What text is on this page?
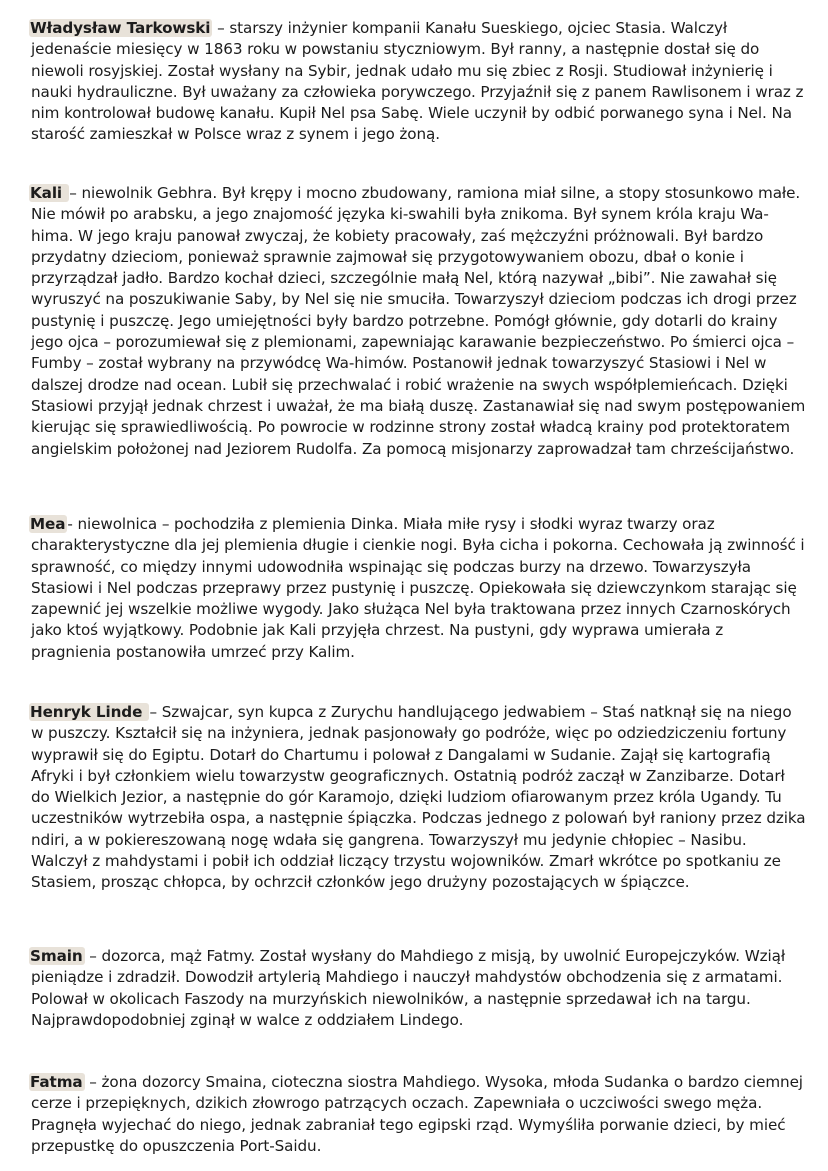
Władysław Tarkowski – starszy inżynier kompanii Kanału Sueskiego, ojciec Stasia. Walczył jedenaście miesięcy w 1863 roku w powstaniu styczniowym. Był ranny, a następnie dostał się do niewoli rosyjskiej. Został wysłany na Sybir, jednak udało mu się zbiec z Rosji. Studiował inżynierię i nauki hydrauliczne. Był uważany za człowieka porywczego. Przyjaźnił się z panem Rawlisonem i wraz z nim kontrolował budowę kanału. Kupił Nel psa Sabę. Wiele uczynił by odbić porwanego syna i Nel. Na starość zamieszkał w Polsce wraz z synem i jego żoną.

Kali – niewolnik Gebhra. Był krępy i mocno zbudowany, ramiona miał silne, a stopy stosunkowo małe. Nie mówił po arabsku, a jego znajomość języka ki-swahili była znikoma. Był synem króla kraju Wa-hima. W jego kraju panował zwyczaj, że kobiety pracowały, zaś mężczyźni próżnowali. Był bardzo przydatny dzieciom, ponieważ sprawnie zajmował się przygotowywaniem obozu, dbał o konie i przyrządzał jadło. Bardzo kochał dzieci, szczególnie małą Nel, którą nazywał „bibi”. Nie zawahał się wyruszyć na poszukiwanie Saby, by Nel się nie smuciła. Towarzyszył dzieciom podczas ich drogi przez pustynię i puszczę. Jego umiejętności były bardzo potrzebne. Pomógł głównie, gdy dotarli do krainy jego ojca – porozumiewał się z plemionami, zapewniając karawanie bezpieczeństwo. Po śmierci ojca – Fumby – został wybrany na przywódcę Wa-himów. Postanowił jednak towarzyszyć Stasiowi i Nel w dalszej drodze nad ocean. Lubił się przechwalać i robić wrażenie na swych współplemieńcach. Dzięki Stasiowi przyjął jednak chrzest i uważał, że ma białą duszę. Zastanawiał się nad swym postępowaniem kierując się sprawiedliwością. Po powrocie w rodzinne strony został władcą krainy pod protektoratem angielskim położonej nad Jeziorem Rudolfa. Za pomocą misjonarzy zaprowadzał tam chrześcijaństwo.

Mea - niewolnica – pochodziła z plemienia Dinka. Miała miłe rysy i słodki wyraz twarzy oraz charakterystyczne dla jej plemienia długie i cienkie nogi. Była cicha i pokorna. Cechowała ją zwinność i sprawność, co między innymi udowodniła wspinając się podczas burzy na drzewo. Towarzyszyła Stasiowi i Nel podczas przeprawy przez pustynię i puszczę. Opiekowała się dziewczynkom starając się zapewnić jej wszelkie możliwe wygody. Jako służąca Nel była traktowana przez innych Czarnoskórych jako ktoś wyjątkowy. Podobnie jak Kali przyjęła chrzest. Na pustyni, gdy wyprawa umierała z pragnienia postanowiła umrzeć przy Kalim.

Henryk Linde – Szwajcar, syn kupca z Zurychu handlującego jedwabiem – Staś natknął się na niego w puszczy. Kształcił się na inżyniera, jednak pasjonowały go podróże, więc po odziedziczeniu fortuny wyprawił się do Egiptu. Dotarł do Chartumu i polował z Dangalami w Sudanie. Zajął się kartografią Afryki i był członkiem wielu towarzystw geograficznych. Ostatnią podróż zaczął w Zanzibarze. Dotarł do Wielkich Jezior, a następnie do gór Karamojo, dzięki ludziom ofiarowanym przez króla Ugandy. Tu uczestników wytrzebiła ospa, a następnie śpiączka. Podczas jednego z polowań był raniony przez dzika ndiri, a w pokiereszowaną nogę wdała się gangrena. Towarzyszył mu jedynie chłopiec – Nasibu. Walczył z mahdystami i pobił ich oddział liczący trzystu wojowników. Zmarł wkrótce po spotkaniu ze Stasiem, prosząc chłopca, by ochrzcił członków jego drużyny pozostających w śpiączce.

Smain – dozorca, mąż Fatmy. Został wysłany do Mahdiego z misją, by uwolnić Europejczyków. Wziął pieniądze i zdradził. Dowodził artylerią Mahdiego i nauczył mahdystów obchodzenia się z armatami. Polował w okolicach Faszody na murzyńskich niewolników, a następnie sprzedawał ich na targu. Najprawdopodobniej zginął w walce z oddziałem Lindego.

Fatma – żona dozorcy Smaina, cioteczna siostra Mahdiego. Wysoka, młoda Sudanka o bardzo ciemnej cerze i przepięknych, dzikich złowrogo patrzących oczach. Zapewniała o uczciwości swego męża. Pragnęła wyjechać do niego, jednak zabraniał tego egipski rząd. Wymyśliła porwanie dzieci, by mieć przepustkę do opuszczenia Port-Saidu.
